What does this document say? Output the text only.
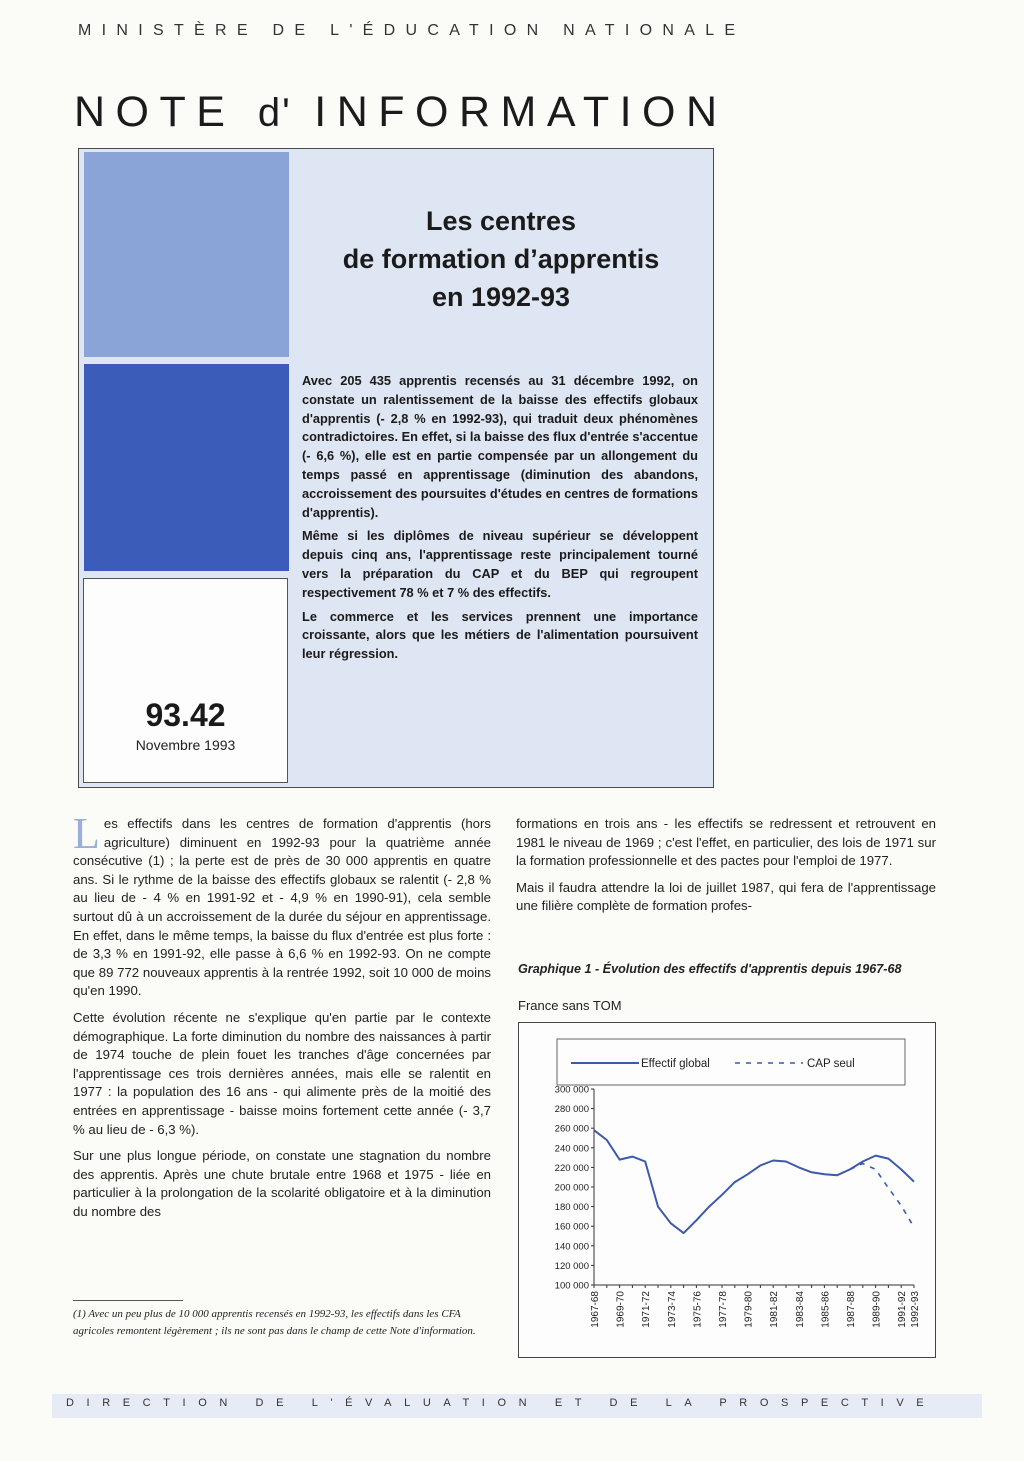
MINISTÈRE DE L'ÉDUCATION NATIONALE
NOTE d' INFORMATION
93.42
Novembre 1993
Les centres
de formation d’apprentis
en 1992-93

Avec 205 435 apprentis recensés au 31 décembre 1992, on constate un ralentissement de la baisse des effectifs globaux d'apprentis (- 2,8 % en 1992-93), qui traduit deux phénomènes contradictoires. En effet, si la baisse des flux d'entrée s'accentue (- 6,6 %), elle est en partie compensée par un allongement du temps passé en apprentissage (diminution des abandons, accroissement des poursuites d'études en centres de formations d'apprentis).

Même si les diplômes de niveau supérieur se développent depuis cinq ans, l'apprentissage reste principalement tourné vers la préparation du CAP et du BEP qui regroupent respectivement 78 % et 7 % des effectifs.

Le commerce et les services prennent une importance croissante, alors que les métiers de l'alimentation poursuivent leur régression.

Les effectifs dans les centres de formation d'apprentis (hors agriculture) diminuent en 1992-93 pour la quatrième année consécutive (1) ; la perte est de près de 30 000 apprentis en quatre ans. Si le rythme de la baisse des effectifs globaux se ralentit (- 2,8 % au lieu de - 4 % en 1991-92 et - 4,9 % en 1990-91), cela semble surtout dû à un accroissement de la durée du séjour en apprentissage. En effet, dans le même temps, la baisse du flux d'entrée est plus forte : de 3,3 % en 1991-92, elle passe à 6,6 % en 1992-93. On ne compte que 89 772 nouveaux apprentis à la rentrée 1992, soit 10 000 de moins qu'en 1990.

Cette évolution récente ne s'explique qu'en partie par le contexte démographique. La forte diminution du nombre des naissances à partir de 1974 touche de plein fouet les tranches d'âge concernées par l'apprentissage ces trois dernières années, mais elle se ralentit en 1977 : la population des 16 ans - qui alimente près de la moitié des entrées en apprentissage - baisse moins fortement cette année (- 3,7 % au lieu de - 6,3 %).

Sur une plus longue période, on constate une stagnation du nombre des apprentis. Après une chute brutale entre 1968 et 1975 - liée en particulier à la prolongation de la scolarité obligatoire et à la diminution du nombre des

(1) Avec un peu plus de 10 000 apprentis recensés en 1992-93, les effectifs dans les CFA agricoles remontent légèrement ; ils ne sont pas dans le champ de cette Note d'information.

formations en trois ans - les effectifs se redressent et retrouvent en 1981 le niveau de 1969 ; c'est l'effet, en particulier, des lois de 1971 sur la formation professionnelle et des pactes pour l'emploi de 1977.

Mais il faudra attendre la loi de juillet 1987, qui fera de l'apprentissage une filière complète de formation profes-

Graphique 1 - Évolution des effectifs d'apprentis depuis 1967-68
France sans TOM
Effectif global	CAP seul
100 000
120 000
140 000
160 000
180 000
200 000
220 000
240 000
260 000
280 000
300 000
1967-68 1969-70 1971-72 1973-74 1975-76 1977-78 1979-80 1981-82 1983-84 1985-86 1987-88 1989-90 1991-92 1992-93
DIRECTION DE L'ÉVALUATION ET DE LA PROSPECTIVE
